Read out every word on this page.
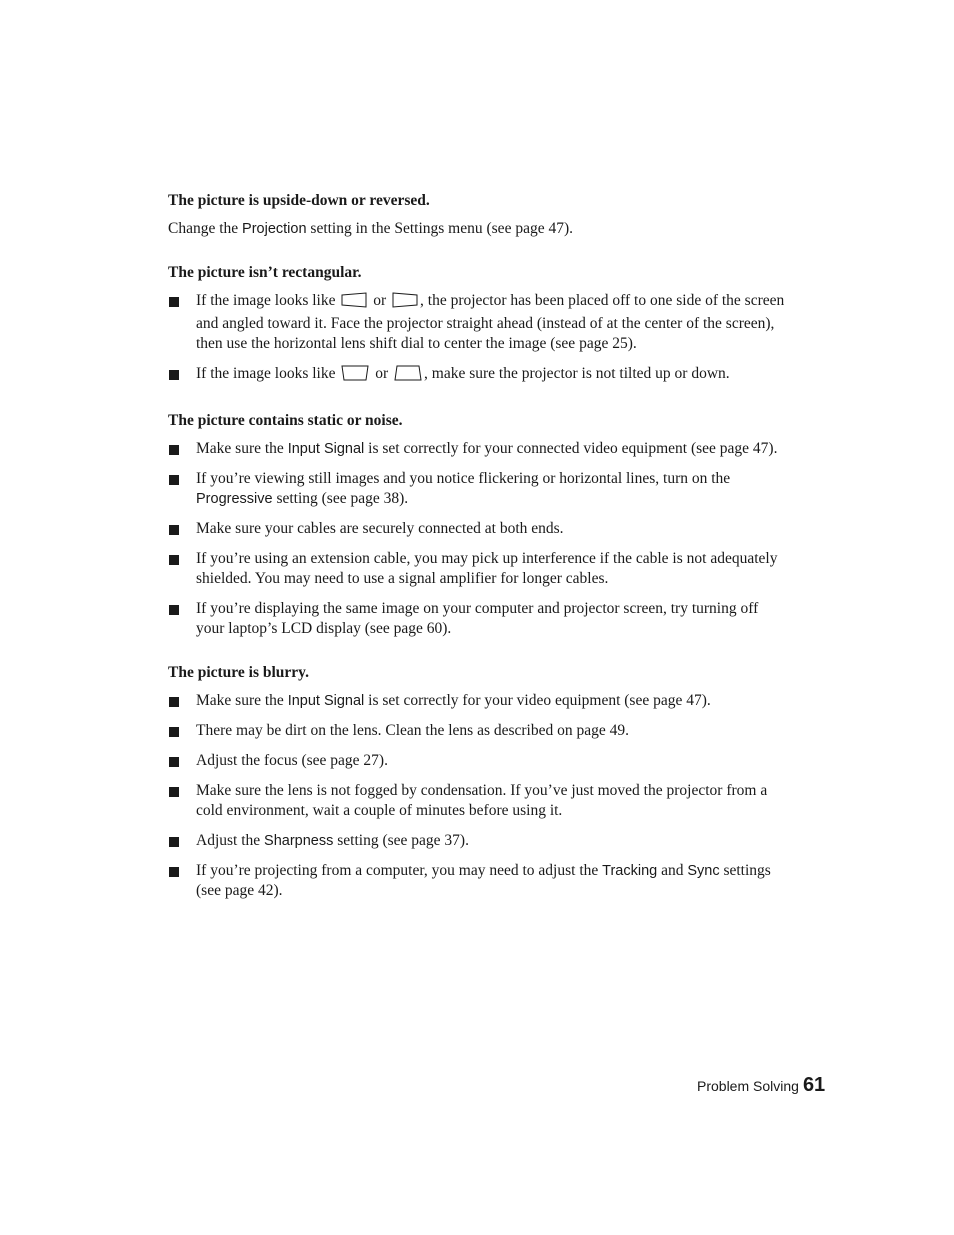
The picture is upside-down or reversed.

Change the Projection setting in the Settings menu (see page 47).

The picture isn’t rectangular.
If the image looks like  or , the projector has been placed off to one side of the screen and angled toward it. Face the projector straight ahead (instead of at the center of the screen), then use the horizontal lens shift dial to center the image (see page 25).
If the image looks like  or , make sure the projector is not tilted up or down.
The picture contains static or noise.
Make sure the Input Signal is set correctly for your connected video equipment (see page 47).
If you’re viewing still images and you notice flickering or horizontal lines, turn on the Progressive setting (see page 38).
Make sure your cables are securely connected at both ends.
If you’re using an extension cable, you may pick up interference if the cable is not adequately shielded. You may need to use a signal amplifier for longer cables.
If you’re displaying the same image on your computer and projector screen, try turning off your laptop’s LCD display (see page 60).
The picture is blurry.
Make sure the Input Signal is set correctly for your video equipment (see page 47).
There may be dirt on the lens. Clean the lens as described on page 49.
Adjust the focus (see page 27).
Make sure the lens is not fogged by condensation. If you’ve just moved the projector from a cold environment, wait a couple of minutes before using it.
Adjust the Sharpness setting (see page 37).
If you’re projecting from a computer, you may need to adjust the Tracking and Sync settings (see page 42).
Problem Solving 61
